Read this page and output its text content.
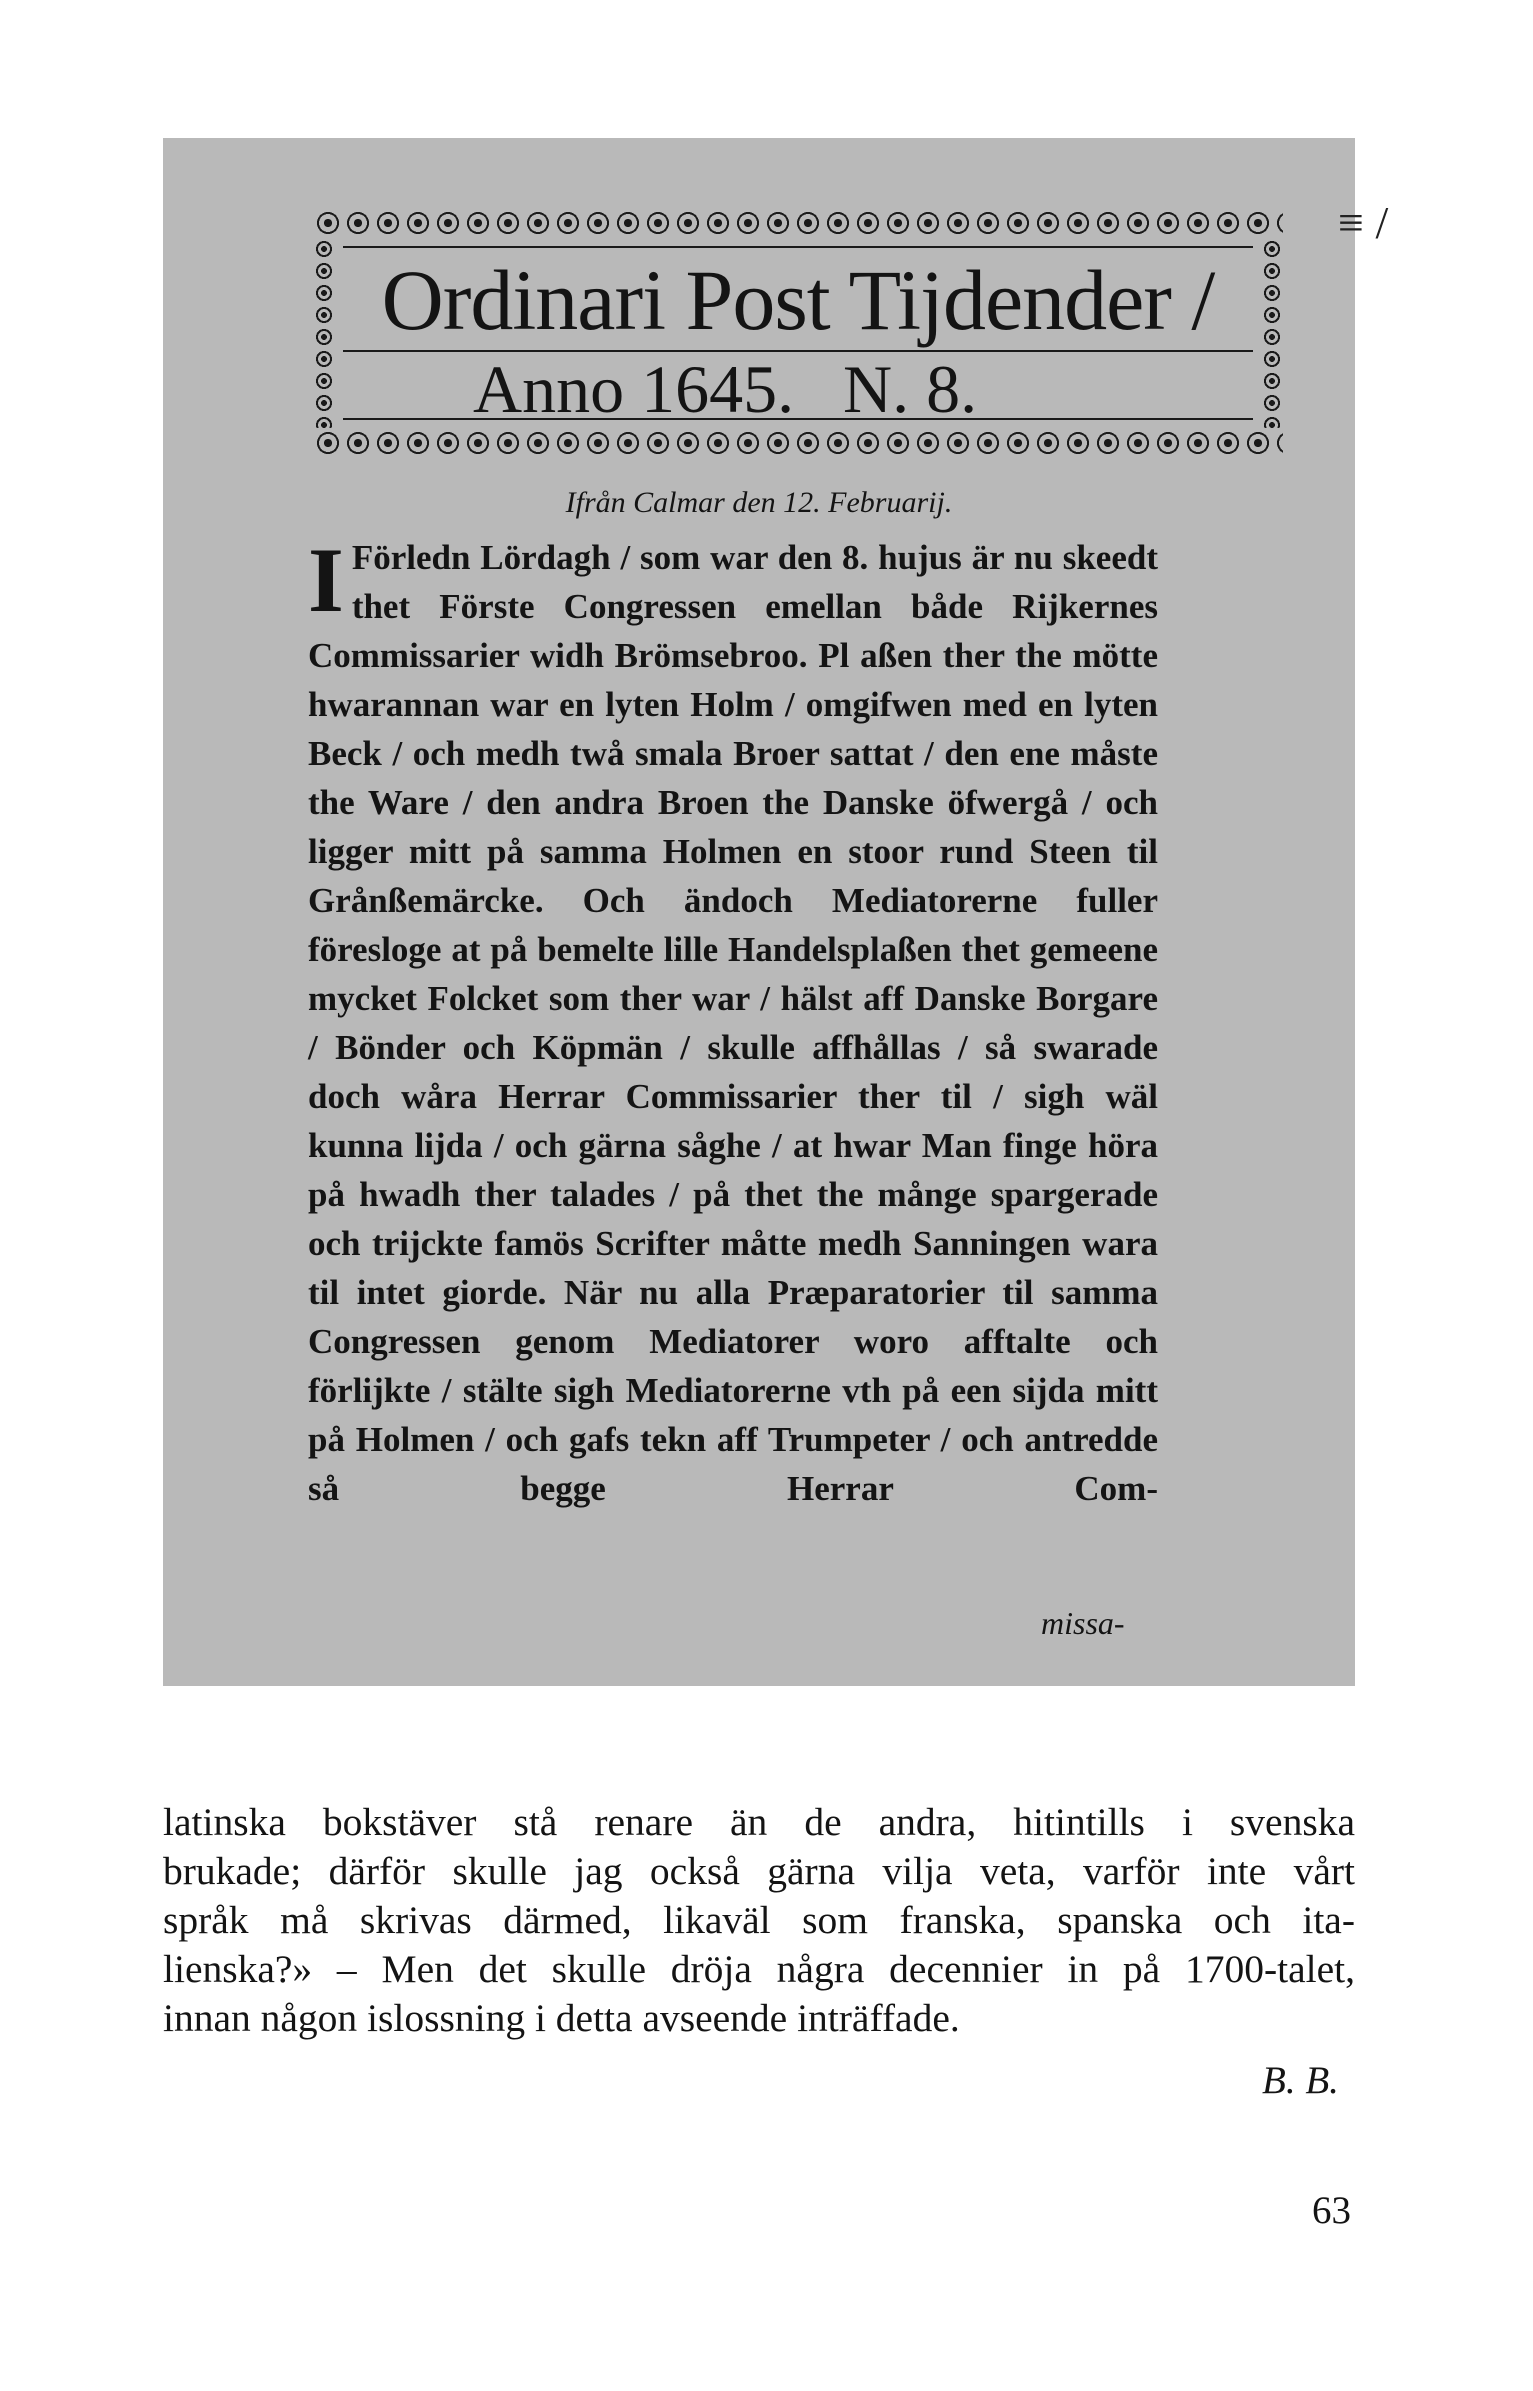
Ordinari Post Tijdender /
Anno 1645. N. 8.
≡ /
Ifrån Calmar den 12. Februarij.
I Förledn Lördagh / som war den 8. hujus är nu skeedt thet Förste Congressen emellan både Rijkernes Commissarier widh Brömsebroo. Pl aßen ther the mötte hwarannan war en lyten Holm / omgifwen med en lyten Beck / och medh twå smala Broer sattat / den ene måste the Ware / den andra Broen the Danske öfwergå / och ligger mitt på samma Holmen en stoor rund Steen til Grånßemärcke. Och ändoch Mediatorerne fuller föresloge at på bemelte lille Handelsplaßen thet gemeene mycket Folcket som ther war / hälst aff Danske Borgare / Bönder och Köpmän / skulle affhållas / så swarade doch wåra Herrar Commissarier ther til / sigh wäl kunna lijda / och gärna såghe / at hwar Man finge höra på hwadh ther talades / på thet the månge spargerade och trijckte famös Scrifter måtte medh Sanningen wara til intet giorde. När nu alla Præparatorier til samma Congressen genom Mediatorer woro afftalte och förlijkte / stälte sigh Mediatorerne vth på een sijda mitt på Holmen / och gafs tekn aff Trumpeter / och antredde så begge Herrar Com-
missa-
latinska bokstäver stå renare än de andra, hitintills i svenska
brukade; därför skulle jag också gärna vilja veta, varför inte vårt
språk må skrivas därmed, likaväl som franska, spanska och ita-
lienska?» – Men det skulle dröja några decennier in på 1700-talet,
innan någon islossning i detta avseende inträffade.
B. B.
63
